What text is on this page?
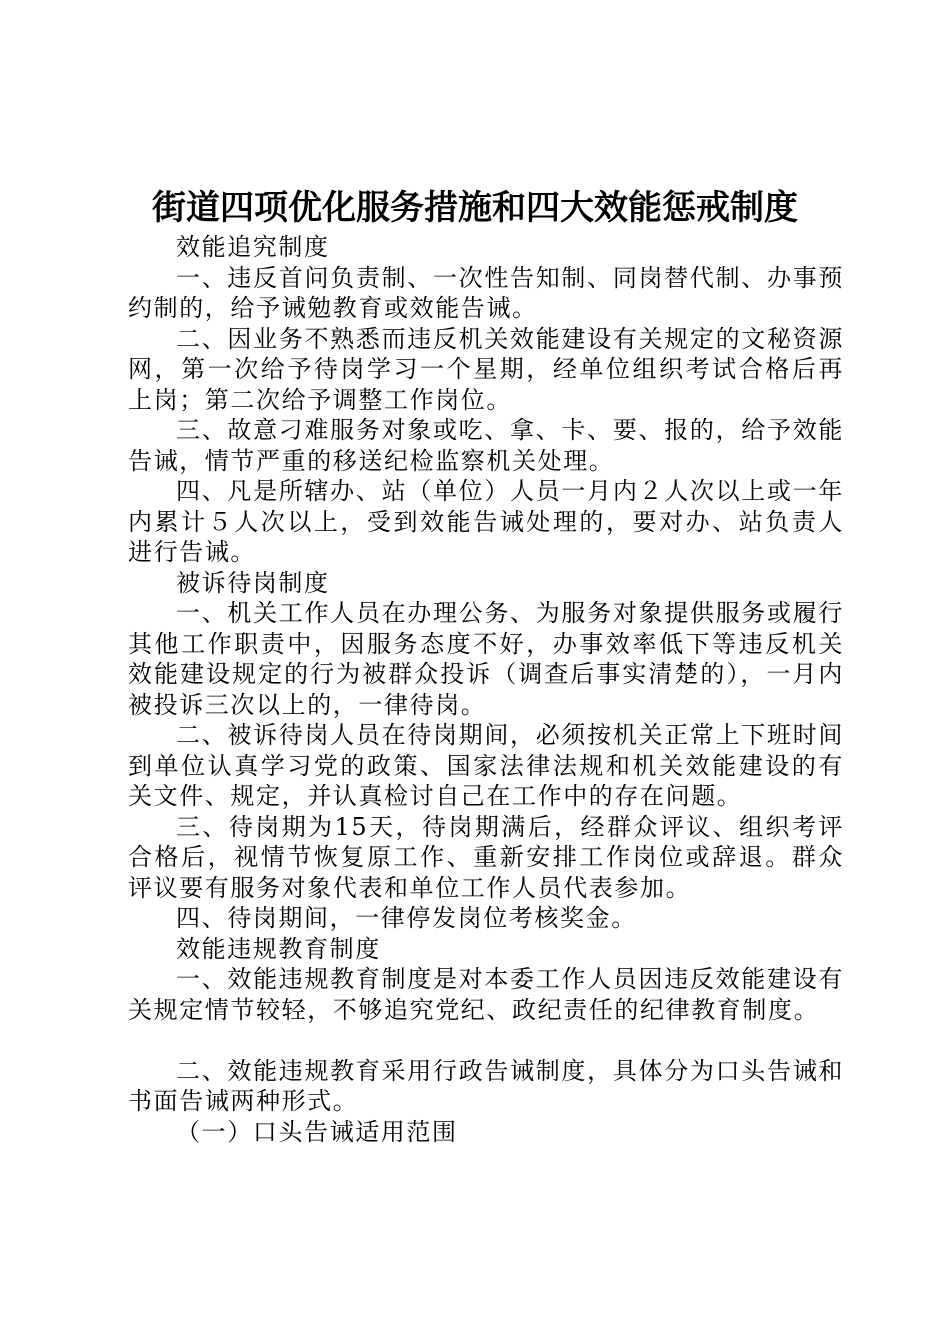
街道四项优化服务措施和四大效能惩戒制度

效能追究制度

一、违反首问负责制、一次性告知制、同岗替代制、办事预约制的，给予诫勉教育或效能告诫。

二、因业务不熟悉而违反机关效能建设有关规定的文秘资源网，第一次给予待岗学习一个星期，经单位组织考试合格后再上岗；第二次给予调整工作岗位。

三、故意刁难服务对象或吃、拿、卡、要、报的，给予效能告诫，情节严重的移送纪检监察机关处理。

四、凡是所辖办、站（单位）人员一月内２人次以上或一年内累计５人次以上，受到效能告诫处理的，要对办、站负责人进行告诫。

被诉待岗制度

一、机关工作人员在办理公务、为服务对象提供服务或履行其他工作职责中，因服务态度不好，办事效率低下等违反机关效能建设规定的行为被群众投诉（调查后事实清楚的），一月内被投诉三次以上的，一律待岗。

二、被诉待岗人员在待岗期间，必须按机关正常上下班时间到单位认真学习党的政策、国家法律法规和机关效能建设的有关文件、规定，并认真检讨自己在工作中的存在问题。

三、待岗期为15天，待岗期满后，经群众评议、组织考评合格后，视情节恢复原工作、重新安排工作岗位或辞退。群众评议要有服务对象代表和单位工作人员代表参加。

四、待岗期间，一律停发岗位考核奖金。

效能违规教育制度

一、效能违规教育制度是对本委工作人员因违反效能建设有关规定情节较轻，不够追究党纪、政纪责任的纪律教育制度。

二、效能违规教育采用行政告诫制度，具体分为口头告诫和书面告诫两种形式。

（一）口头告诫适用范围
